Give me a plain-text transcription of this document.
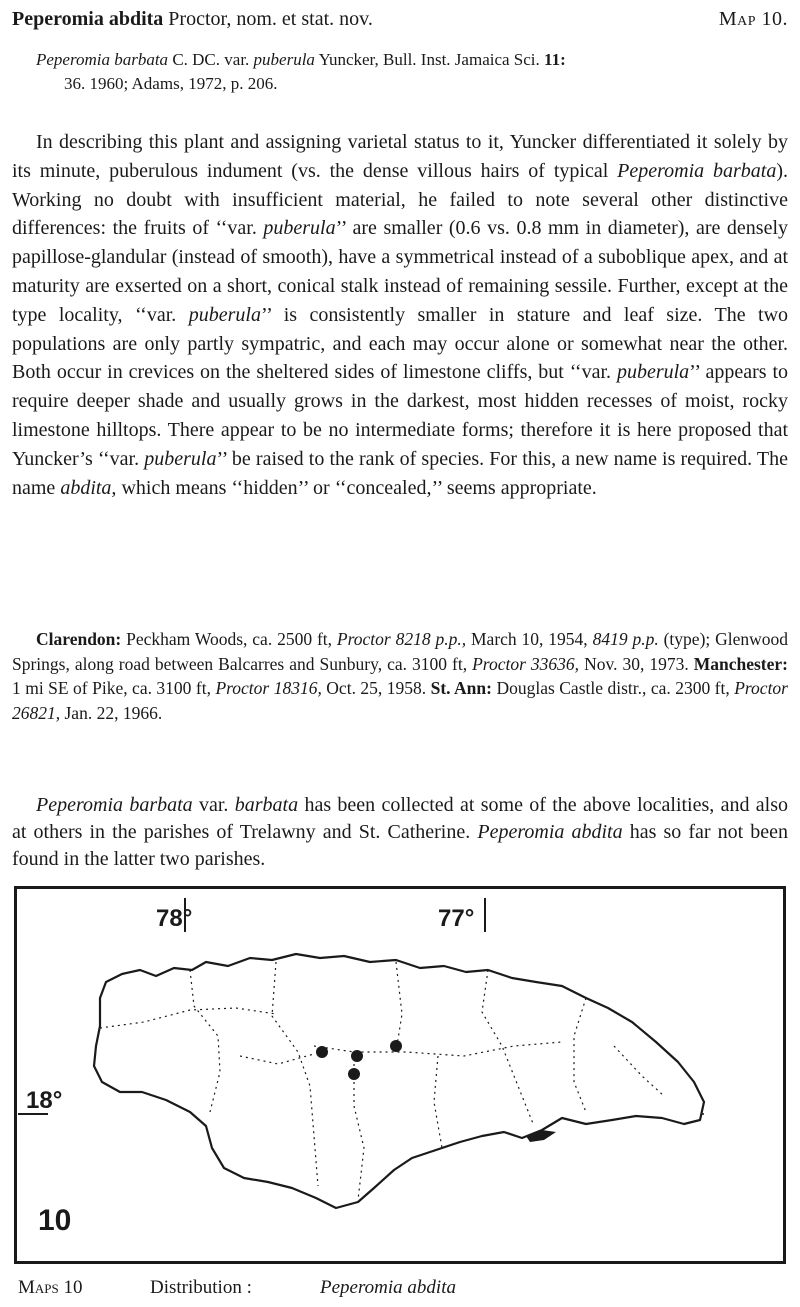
Peperomia abdita Proctor, nom. et stat. nov.	Map 10.
Peperomia barbata C. DC. var. puberula Yuncker, Bull. Inst. Jamaica Sci. 11:
36. 1960; Adams, 1972, p. 206.
In describing this plant and assigning varietal status to it, Yuncker differentiated it solely by its minute, puberulous indument (vs. the dense villous hairs of typical Peperomia barbata). Working no doubt with insufficient material, he failed to note several other distinctive differences: the fruits of ‘‘var. puberula’’ are smaller (0.6 vs. 0.8 mm in diameter), are densely papillose-glandular (instead of smooth), have a symmetrical instead of a suboblique apex, and at maturity are exserted on a short, conical stalk instead of remaining sessile. Further, except at the type locality, ‘‘var. puberula’’ is consistently smaller in stature and leaf size. The two populations are only partly sympatric, and each may occur alone or somewhat near the other. Both occur in crevices on the sheltered sides of limestone cliffs, but ‘‘var. puberula’’ appears to require deeper shade and usually grows in the darkest, most hidden recesses of moist, rocky limestone hilltops. There appear to be no intermediate forms; therefore it is here proposed that Yuncker’s ‘‘var. puberula’’ be raised to the rank of species. For this, a new name is required. The name abdita, which means ‘‘hidden’’ or ‘‘concealed,’’ seems appropriate.
Clarendon: Peckham Woods, ca. 2500 ft, Proctor 8218 p.p., March 10, 1954, 8419 p.p. (type); Glenwood Springs, along road between Balcarres and Sunbury, ca. 3100 ft, Proctor 33636, Nov. 30, 1973. Manchester: 1 mi SE of Pike, ca. 3100 ft, Proctor 18316, Oct. 25, 1958. St. Ann: Douglas Castle distr., ca. 2300 ft, Proctor 26821, Jan. 22, 1966.
Peperomia barbata var. barbata has been collected at some of the above localities, and also at others in the parishes of Trelawny and St. Catherine. Peperomia abdita has so far not been found in the latter two parishes.
78°	77°
18°
10
Maps 10	Distribution :	Peperomia abdita
